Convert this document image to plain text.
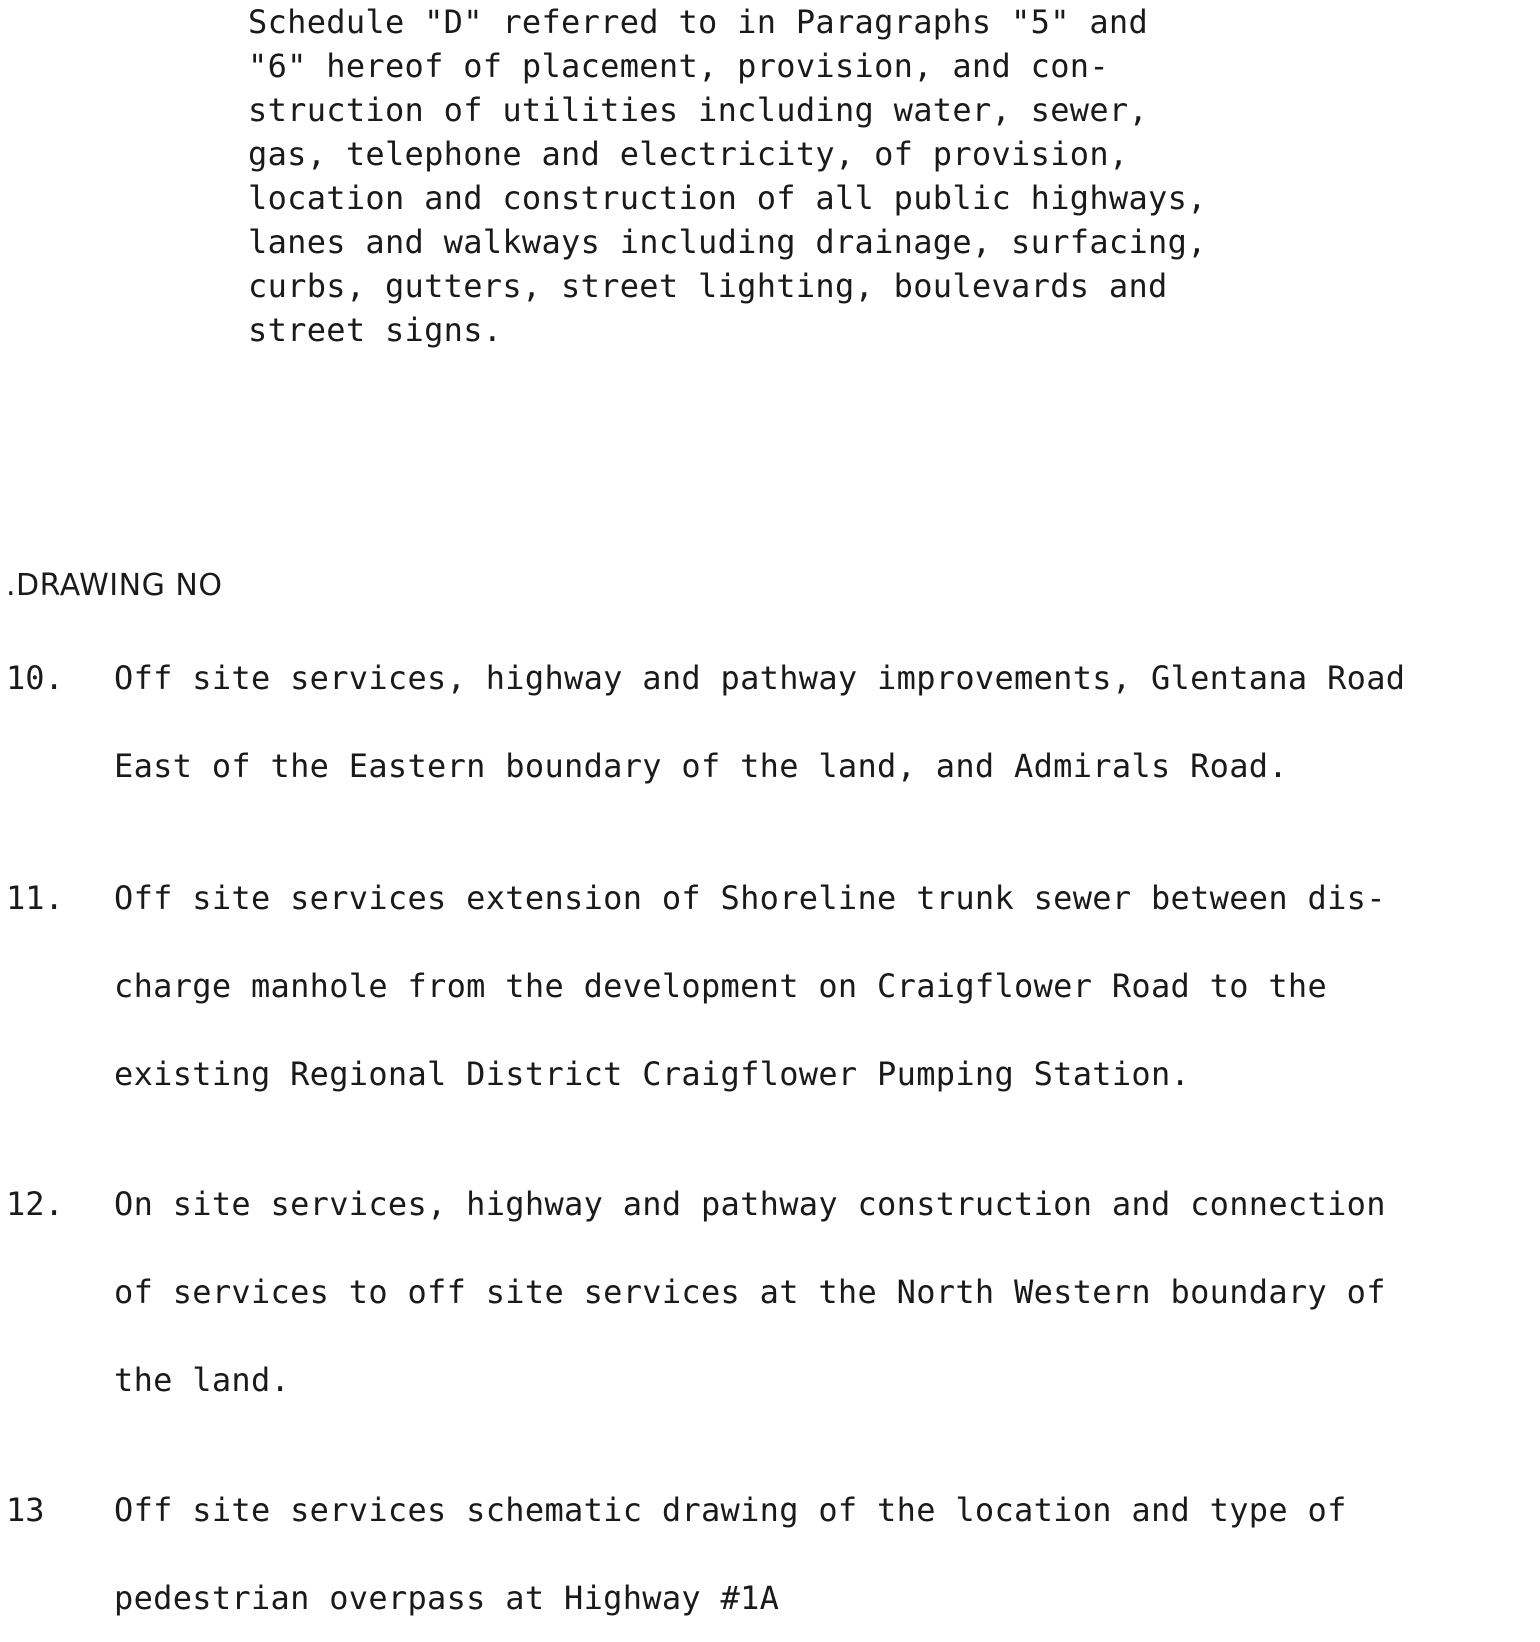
Schedule "D" referred to in Paragraphs "5" and
"6" hereof of placement, provision, and con-
struction of utilities including water, sewer,
gas, telephone and electricity, of provision,
location and construction of all public highways,
lanes and walkways including drainage, surfacing,
curbs, gutters, street lighting, boulevards and
street signs.
.DRAWING NO
10. Off site services, highway and pathway improvements, Glentana Road
East of the Eastern boundary of the land, and Admirals Road.
11. Off site services extension of Shoreline trunk sewer between dis-
charge manhole from the development on Craigflower Road to the
existing Regional District Craigflower Pumping Station.
12. On site services, highway and pathway construction and connection
of services to off site services at the North Western boundary of
the land.
13 Off site services schematic drawing of the location and type of
pedestrian overpass at Highway #1A
